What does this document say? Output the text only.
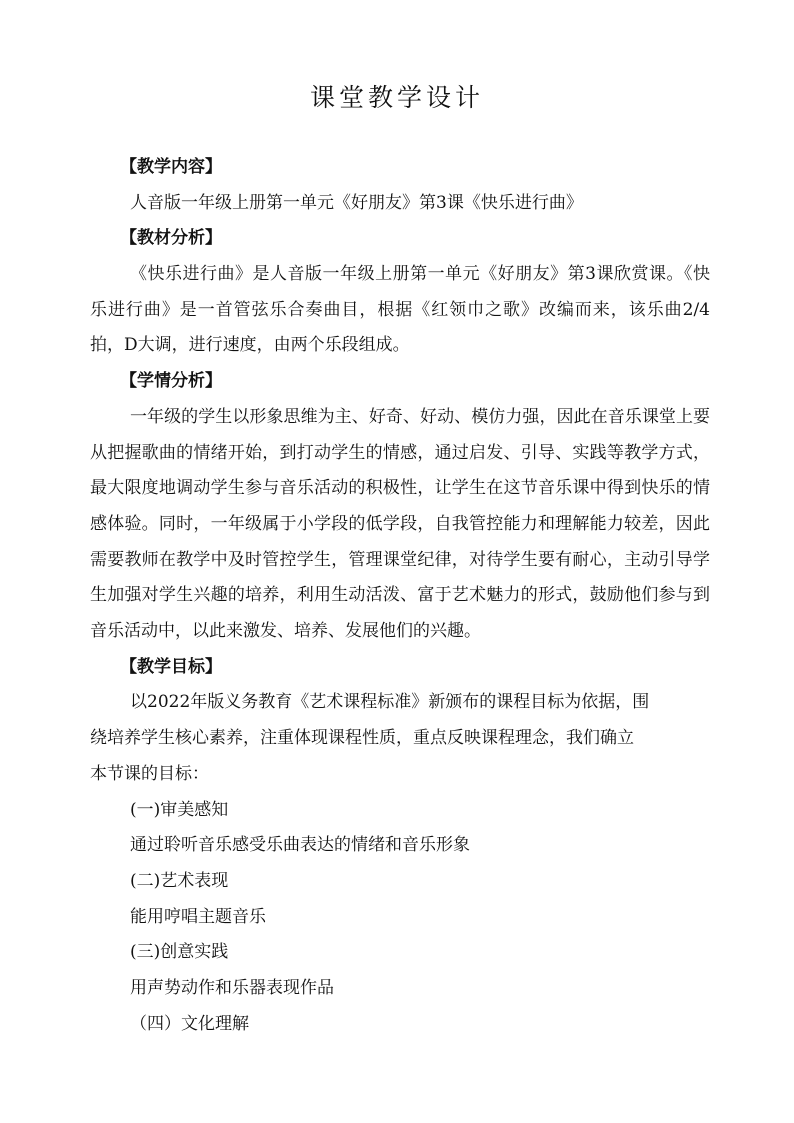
课堂教学设计

【教学内容】

人音版一年级上册第一单元《好朋友》第3课《快乐进行曲》

【教材分析】

《快乐进行曲》是人音版一年级上册第一单元《好朋友》第3课欣赏课。《快乐进行曲》是一首管弦乐合奏曲目，根据《红领巾之歌》改编而来，该乐曲2/4拍，D大调，进行速度，由两个乐段组成。

【学情分析】

一年级的学生以形象思维为主、好奇、好动、模仿力强，因此在音乐课堂上要从把握歌曲的情绪开始，到打动学生的情感，通过启发、引导、实践等教学方式，最大限度地调动学生参与音乐活动的积极性，让学生在这节音乐课中得到快乐的情感体验。同时，一年级属于小学段的低学段，自我管控能力和理解能力较差，因此需要教师在教学中及时管控学生，管理课堂纪律，对待学生要有耐心，主动引导学生加强对学生兴趣的培养，利用生动活泼、富于艺术魅力的形式，鼓励他们参与到音乐活动中，以此来激发、培养、发展他们的兴趣。

【教学目标】

以2022年版义务教育《艺术课程标准》新颁布的课程目标为依据，围

绕培养学生核心素养，注重体现课程性质，重点反映课程理念，我们确立

本节课的目标：

(一)审美感知

通过聆听音乐感受乐曲表达的情绪和音乐形象

(二)艺术表现

能用哼唱主题音乐

(三)创意实践

用声势动作和乐器表现作品

（四）文化理解
